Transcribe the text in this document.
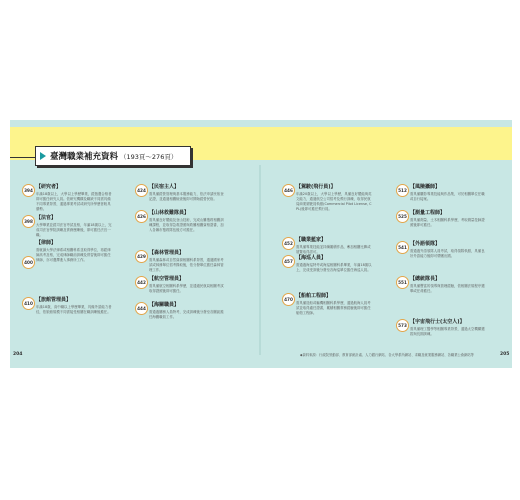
臺灣職業補充資料 （193頁～276頁）
394
【研究者】
年滿18歲以上，大學以上學歷畢業，經甄選合格者即可擔任研究人員。依研究機構及職缺不同需具備不同專業背景，通過專業考試或研究所學歷者較具優勢。
398
【法官】
大學畢業並經司法官考試及格，年滿18歲以上，完成司法官學院訓練及實務歷練後，即可擔任法官一職。
400
【律師】
需就讀大學法律系或相關科系並取得學位，再經律師高考及格，完成律師職前訓練及實習後即可擔任律師，亦可選擇進入事務所工作。
410
【旅館管理員】
年滿18歲，高中職以上學歷畢業，具備外語能力者佳，依旅館規模不同需接受相關在職訓練後擔任。
424
【民宿主人】
需具備經營管理與基本服務能力，依法申請民宿登記證，並通過相關檢查後即可開始經營民宿。
426
【山林救難隊員】
需具備良好體能及登山技術，完成山難搜救相關訓練課程，並取得急救證照與救難相關資格證書，加入各縣市搜救隊伍後方可擔任。
429
【森林管理員】
需具備森林或自然資源相關科系背景，通過國家考試或林務單位招考錄取後，依分發單位擔任森林管理工作。
442
【航空管理員】
需具備航空相關科系學歷，並通過民航局相關考試取得證照後即可擔任。
444
【海關職員】
需通過關務人員特考，完成訓練後分發至各關區擔任海關職員工作。
446
【駕駛(飛行員)】
年滿20歲以上，大學以上學歷，具備良好體能與英文能力，通過航空公司招考及飛行訓練，取得民航局商業駕駛員執照(Commercial Pilot License, CPL)後即可擔任飛行員。
452
【職業藍家】
需具備專業技能並持續累積作品，參加相關比賽或展覽取得認可。
457
【海巡人員】
需通過海巡特考或海巡相關科系畢業，年滿18歲以上，完成受訓後分發至各海巡單位擔任海巡人員。
470
【船舶工程師】
需具備造船或輪機相關科系學歷，通過航海人員考試並取得適任證書，累積相關實務經驗後即可擔任船舶工程師。
512
【風險攝師】
需具備攝影專業技能與作品集，可於相關單位任職或自行接案。
525
【測量工程師】
需具備測量、土木相關科系學歷，考取測量技師證照後即可擔任。
541
【外語領隊】
需通過外語領隊人員考試，取得領隊執照，具備良好外語能力後即可帶團出國。
551
【總統隊長】
需具備豐富的領導與管理經驗，依相關法規程序選舉或任命擔任。
573
【宇宙飛行士(太空人)】
需具備理工醫學等相關專業背景，通過太空機構選拔與長期訓練。
204	205
◆資料來源：行政院勞動部、教育部統計處、人力銀行網站、各大學系所網站、求職及就業服務網站、各職業公會網站等
